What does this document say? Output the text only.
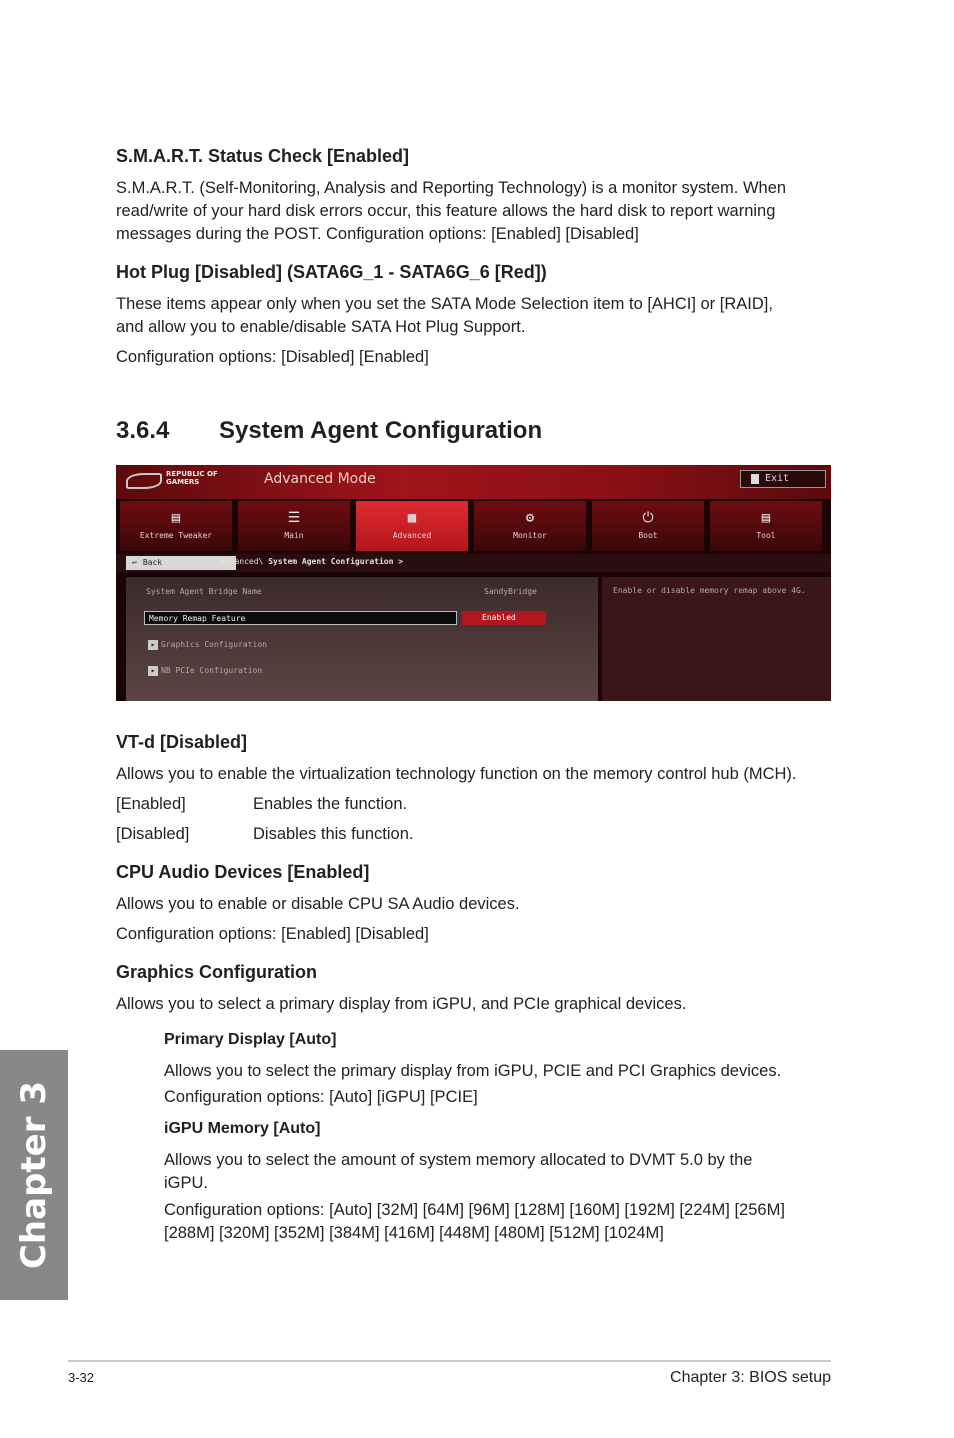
S.M.A.R.T. Status Check [Enabled]
S.M.A.R.T. (Self-Monitoring, Analysis and Reporting Technology) is a monitor system. When
read/write of your hard disk errors occur, this feature allows the hard disk to report warning
messages during the POST. Configuration options: [Enabled] [Disabled]
Hot Plug [Disabled] (SATA6G_1 - SATA6G_6 [Red])
These items appear only when you set the SATA Mode Selection item to [AHCI] or [RAID],
and allow you to enable/disable SATA Hot Plug Support.
Configuration options: [Disabled] [Enabled]
3.6.4 System Agent Configuration
REPUBLIC OF
GAMERS	Advanced Mode	Exit
▤
Extreme Tweaker
☰
Main
▩
Advanced
⚙
Monitor
⏻
Boot
▤
Tool
↩ Back	Advanced\ System Agent Configuration >
Enable or disable memory remap above 4G.
System Agent Bridge Name	SandyBridge
Memory Remap Feature	Enabled
▸ Graphics Configuration
▸ NB PCIe Configuration
VT-d [Disabled]
Allows you to enable the virtualization technology function on the memory control hub (MCH).
[Enabled]	Enables the function.
[Disabled]	Disables this function.
CPU Audio Devices [Enabled]
Allows you to enable or disable CPU SA Audio devices.
Configuration options: [Enabled] [Disabled]
Graphics Configuration
Allows you to select a primary display from iGPU, and PCIe graphical devices.
Primary Display [Auto]
Allows you to select the primary display from iGPU, PCIE and PCI Graphics devices.
Configuration options: [Auto] [iGPU] [PCIE]
iGPU Memory [Auto]
Allows you to select the amount of system memory allocated to DVMT 5.0 by the
iGPU.
Configuration options: [Auto] [32M] [64M] [96M] [128M] [160M] [192M] [224M] [256M]
[288M] [320M] [352M] [384M] [416M] [448M] [480M] [512M] [1024M]
Chapter 3
3-32	Chapter 3: BIOS setup
